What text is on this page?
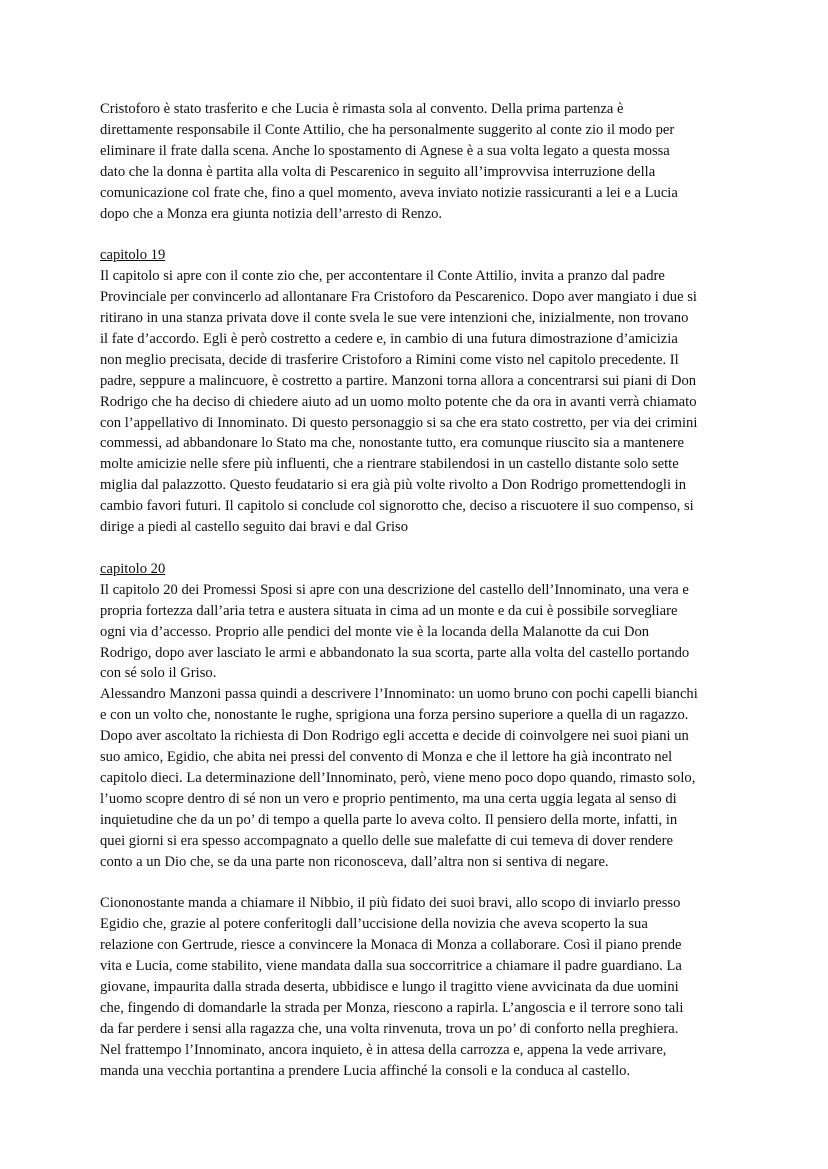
Cristoforo è stato trasferito e che Lucia è rimasta sola al convento. Della prima partenza è
direttamente responsabile il Conte Attilio, che ha personalmente suggerito al conte zio il modo per
eliminare il frate dalla scena. Anche lo spostamento di Agnese è a sua volta legato a questa mossa
dato che la donna è partita alla volta di Pescarenico in seguito all’improvvisa interruzione della
comunicazione col frate che, fino a quel momento, aveva inviato notizie rassicuranti a lei e a Lucia
dopo che a Monza era giunta notizia dell’arresto di Renzo.

capitolo 19

Il capitolo si apre con il conte zio che, per accontentare il Conte Attilio, invita a pranzo dal padre
Provinciale per convincerlo ad allontanare Fra Cristoforo da Pescarenico. Dopo aver mangiato i due si
ritirano in una stanza privata dove il conte svela le sue vere intenzioni che, inizialmente, non trovano
il fate d’accordo. Egli è però costretto a cedere e, in cambio di una futura dimostrazione d’amicizia
non meglio precisata, decide di trasferire Cristoforo a Rimini come visto nel capitolo precedente. Il
padre, seppure a malincuore, è costretto a partire. Manzoni torna allora a concentrarsi sui piani di Don
Rodrigo che ha deciso di chiedere aiuto ad un uomo molto potente che da ora in avanti verrà chiamato
con l’appellativo di Innominato. Di questo personaggio si sa che era stato costretto, per via dei crimini
commessi, ad abbandonare lo Stato ma che, nonostante tutto, era comunque riuscito sia a mantenere
molte amicizie nelle sfere più influenti, che a rientrare stabilendosi in un castello distante solo sette
miglia dal palazzotto. Questo feudatario si era già più volte rivolto a Don Rodrigo promettendogli in
cambio favori futuri. Il capitolo si conclude col signorotto che, deciso a riscuotere il suo compenso, si
dirige a piedi al castello seguito dai bravi e dal Griso

capitolo 20

Il capitolo 20 dei Promessi Sposi si apre con una descrizione del castello dell’Innominato, una vera e
propria fortezza dall’aria tetra e austera situata in cima ad un monte e da cui è possibile sorvegliare
ogni via d’accesso. Proprio alle pendici del monte vie è la locanda della Malanotte da cui Don
Rodrigo, dopo aver lasciato le armi e abbandonato la sua scorta, parte alla volta del castello portando
con sé solo il Griso.

Alessandro Manzoni passa quindi a descrivere l’Innominato: un uomo bruno con pochi capelli bianchi
e con un volto che, nonostante le rughe, sprigiona una forza persino superiore a quella di un ragazzo.
Dopo aver ascoltato la richiesta di Don Rodrigo egli accetta e decide di coinvolgere nei suoi piani un
suo amico, Egidio, che abita nei pressi del convento di Monza e che il lettore ha già incontrato nel
capitolo dieci. La determinazione dell’Innominato, però, viene meno poco dopo quando, rimasto solo,
l’uomo scopre dentro di sé non un vero e proprio pentimento, ma una certa uggia legata al senso di
inquietudine che da un po’ di tempo a quella parte lo aveva colto. Il pensiero della morte, infatti, in
quei giorni si era spesso accompagnato a quello delle sue malefatte di cui temeva di dover rendere
conto a un Dio che, se da una parte non riconosceva, dall’altra non si sentiva di negare.

Ciononostante manda a chiamare il Nibbio, il più fidato dei suoi bravi, allo scopo di inviarlo presso
Egidio che, grazie al potere conferitogli dall’uccisione della novizia che aveva scoperto la sua
relazione con Gertrude, riesce a convincere la Monaca di Monza a collaborare. Così il piano prende
vita e Lucia, come stabilito, viene mandata dalla sua soccorritrice a chiamare il padre guardiano. La
giovane, impaurita dalla strada deserta, ubbidisce e lungo il tragitto viene avvicinata da due uomini
che, fingendo di domandarle la strada per Monza, riescono a rapirla. L’angoscia e il terrore sono tali
da far perdere i sensi alla ragazza che, una volta rinvenuta, trova un po’ di conforto nella preghiera.
Nel frattempo l’Innominato, ancora inquieto, è in attesa della carrozza e, appena la vede arrivare,
manda una vecchia portantina a prendere Lucia affinché la consoli e la conduca al castello.
